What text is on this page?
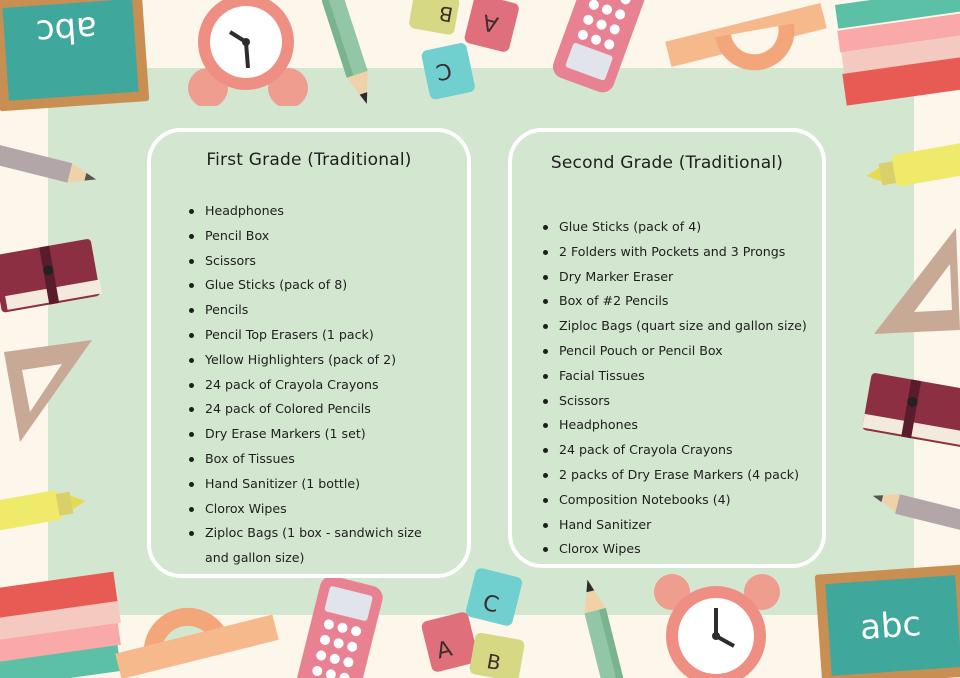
abc	B A
C
C
A B
abc
First Grade (Traditional)
Headphones
Pencil Box
Scissors
Glue Sticks (pack of 8)
Pencils
Pencil Top Erasers (1 pack)
Yellow Highlighters (pack of 2)
24 pack of Crayola Crayons
24 pack of Colored Pencils
Dry Erase Markers (1 set)
Box of Tissues
Hand Sanitizer (1 bottle)
Clorox Wipes
Ziploc Bags (1 box - sandwich size and gallon size)
Second Grade (Traditional)
Glue Sticks (pack of 4)
2 Folders with Pockets and 3 Prongs
Dry Marker Eraser
Box of #2 Pencils
Ziploc Bags (quart size and gallon size)
Pencil Pouch or Pencil Box
Facial Tissues
Scissors
Headphones
24 pack of Crayola Crayons
2 packs of Dry Erase Markers (4 pack)
Composition Notebooks (4)
Hand Sanitizer
Clorox Wipes
